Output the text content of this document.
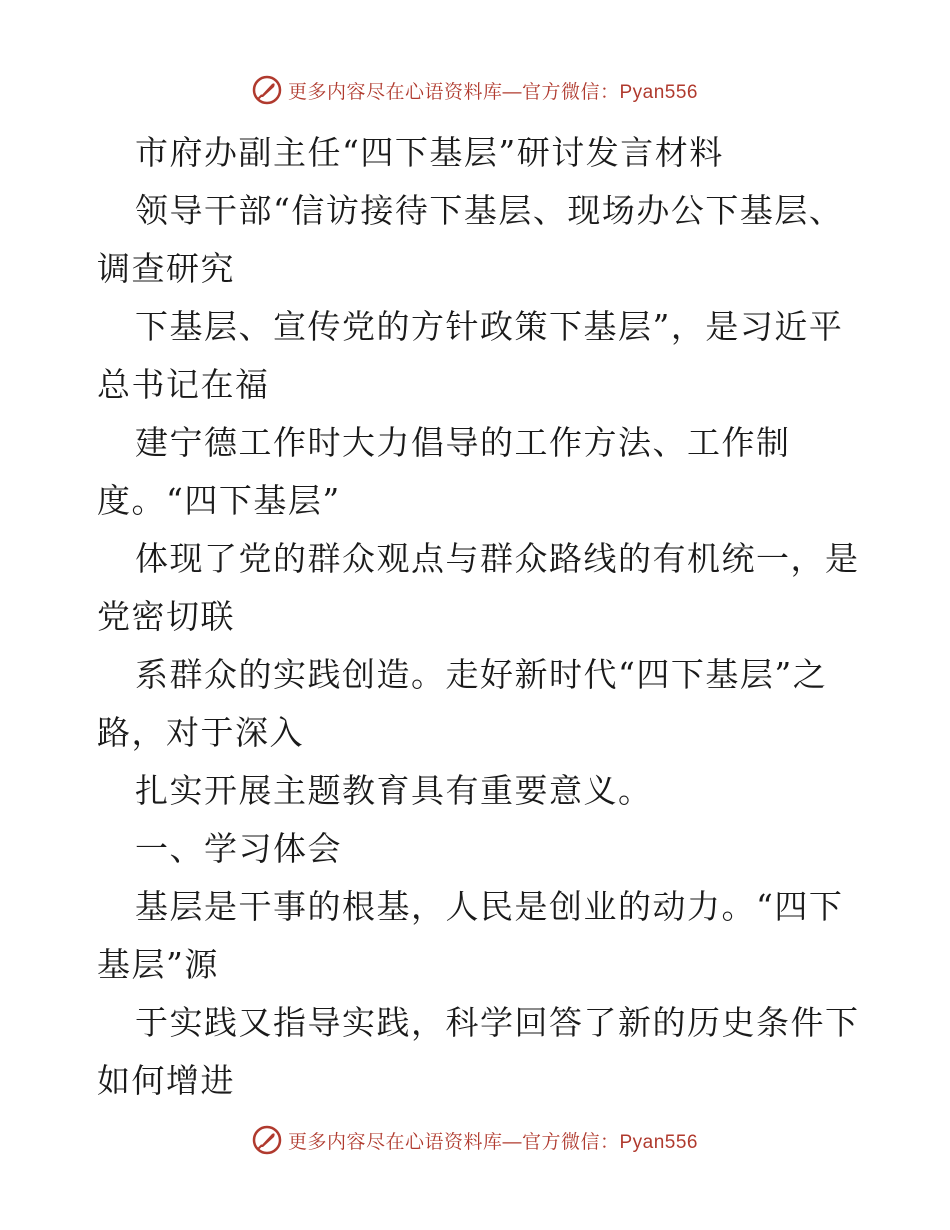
更多内容尽在心语资料库—官方微信：Pyan556
市府办副主任“四下基层”研讨发言材料
领导干部“信访接待下基层、现场办公下基层、
调查研究
下基层、宣传党的方针政策下基层”，是习近平
总书记在福
建宁德工作时大力倡导的工作方法、工作制
度。“四下基层”
体现了党的群众观点与群众路线的有机统一，是
党密切联
系群众的实践创造。走好新时代“四下基层”之
路，对于深入
扎实开展主题教育具有重要意义。
一、学习体会
基层是干事的根基，人民是创业的动力。“四下
基层”源
于实践又指导实践，科学回答了新的历史条件下
如何增进
更多内容尽在心语资料库—官方微信：Pyan556
